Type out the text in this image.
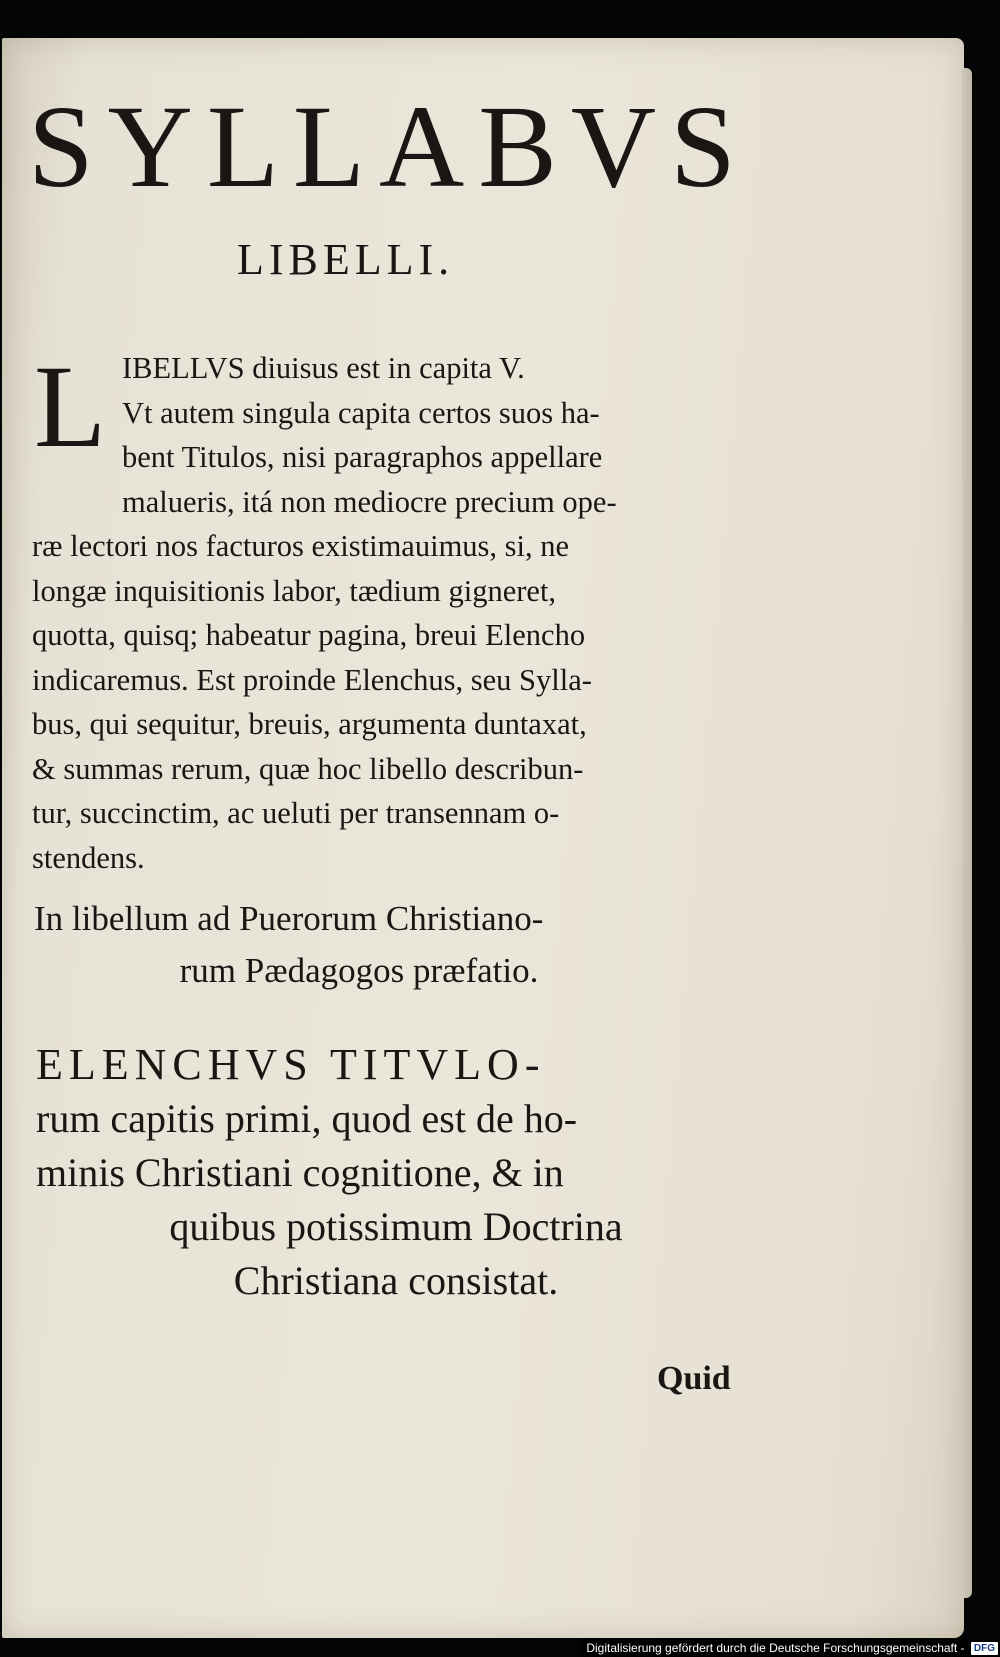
SYLLABVS
LIBELLI.
L IBELLVS diuisus est in capita V.
Vt autem singula capita certos suos ha-
bent Titulos, nisi paragraphos appellare
malueris, itá non mediocre precium ope-
ræ lectori nos facturos existimauimus, si, ne
longæ inquisitionis labor, tædium gigneret,
quotta, quisq; habeatur pagina, breui Elencho
indicaremus. Est proinde Elenchus, seu Sylla-
bus, qui sequitur, breuis, argumenta duntaxat,
& summas rerum, quæ hoc libello describun-
tur, succinctim, ac ueluti per transennam o-
stendens.
In libellum ad Puerorum Christiano-
rum Pædagogos præfatio.
ELENCHVS TITVLO-
rum capitis primi, quod est de ho-
minis Christiani cognitione, & in
quibus potissimum Doctrina
Christiana consistat.
Quid
Digitalisierung gefördert durch die Deutsche Forschungsgemeinschaft - DFG
